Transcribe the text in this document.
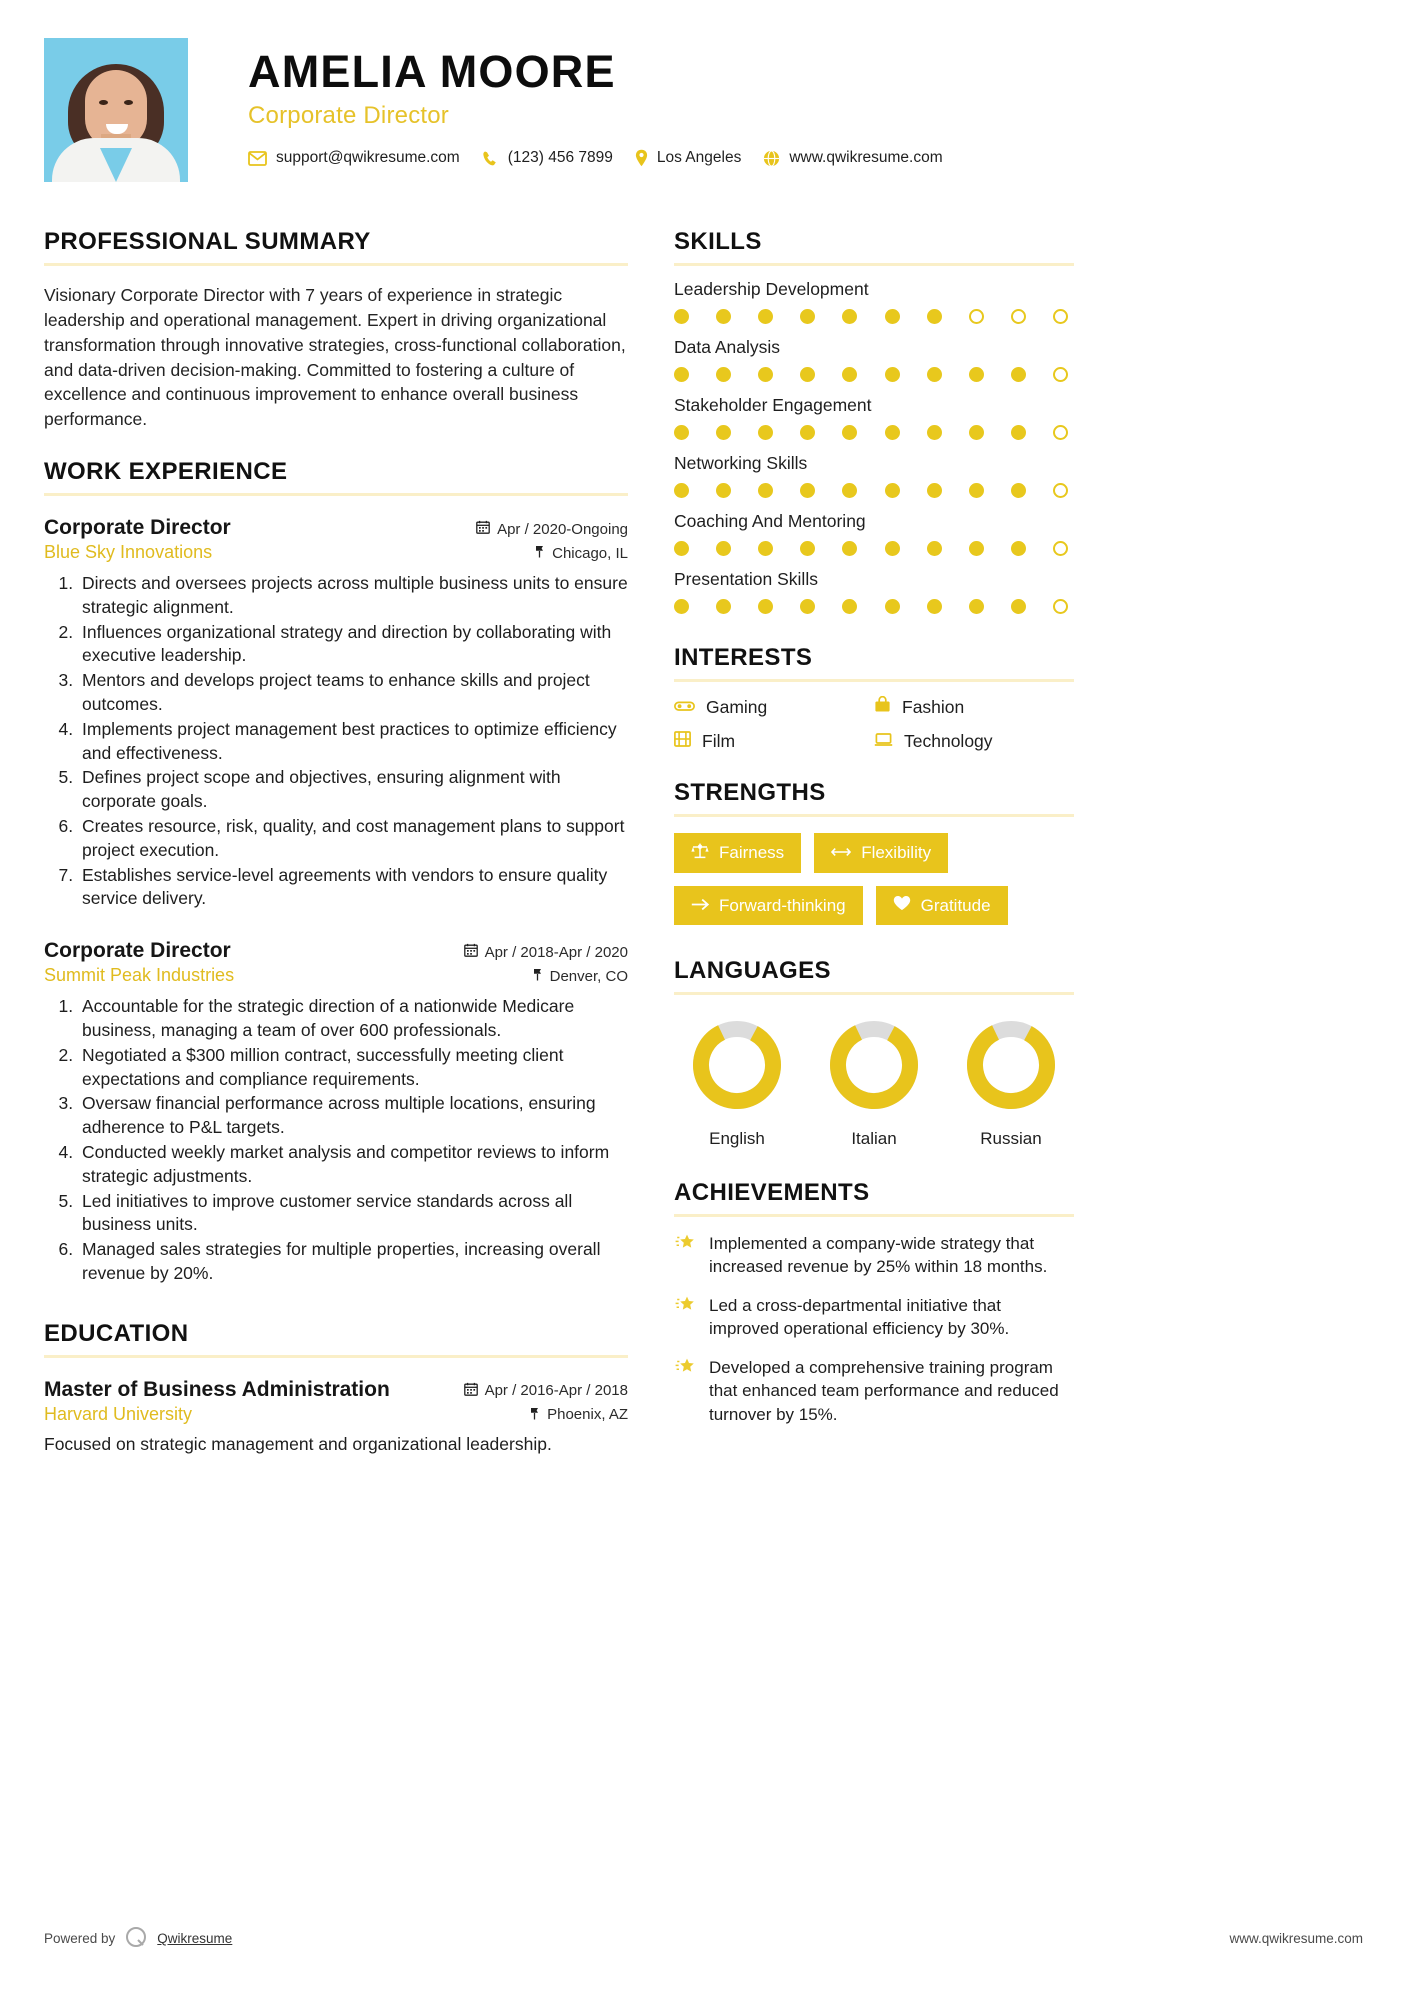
AMELIA MOORE
Corporate Director
support@qwikresume.com	(123) 456 7899	Los Angeles	www.qwikresume.com
PROFESSIONAL SUMMARY

Visionary Corporate Director with 7 years of experience in strategic leadership and operational management. Expert in driving organizational transformation through innovative strategies, cross-functional collaboration, and data-driven decision-making. Committed to fostering a culture of excellence and continuous improvement to enhance overall business performance.

WORK EXPERIENCE
Corporate Director	Apr / 2020-Ongoing
Blue Sky Innovations	Chicago, IL
1. Directs and oversees projects across multiple business units to ensure strategic alignment.
2. Influences organizational strategy and direction by collaborating with executive leadership.
3. Mentors and develops project teams to enhance skills and project outcomes.
4. Implements project management best practices to optimize efficiency and effectiveness.
5. Defines project scope and objectives, ensuring alignment with corporate goals.
6. Creates resource, risk, quality, and cost management plans to support project execution.
7. Establishes service-level agreements with vendors to ensure quality service delivery.
Corporate Director	Apr / 2018-Apr / 2020
Summit Peak Industries	Denver, CO
1. Accountable for the strategic direction of a nationwide Medicare business, managing a team of over 600 professionals.
2. Negotiated a $300 million contract, successfully meeting client expectations and compliance requirements.
3. Oversaw financial performance across multiple locations, ensuring adherence to P&L targets.
4. Conducted weekly market analysis and competitor reviews to inform strategic adjustments.
5. Led initiatives to improve customer service standards across all business units.
6. Managed sales strategies for multiple properties, increasing overall revenue by 20%.
EDUCATION
Master of Business Administration	Apr / 2016-Apr / 2018
Harvard University	Phoenix, AZ

Focused on strategic management and organizational leadership.

SKILLS
Leadership Development
Data Analysis
Stakeholder Engagement
Networking Skills
Coaching And Mentoring
Presentation Skills
INTERESTS
Gaming	Fashion
Film	Technology
STRENGTHS
Fairness	Flexibility
Forward-thinking	Gratitude
LANGUAGES
English	Italian	Russian
ACHIEVEMENTS
Implemented a company-wide strategy that increased revenue by 25% within 18 months.
Led a cross-departmental initiative that improved operational efficiency by 30%.
Developed a comprehensive training program that enhanced team performance and reduced turnover by 15%.
Powered by	Qwikresume	www.qwikresume.com
